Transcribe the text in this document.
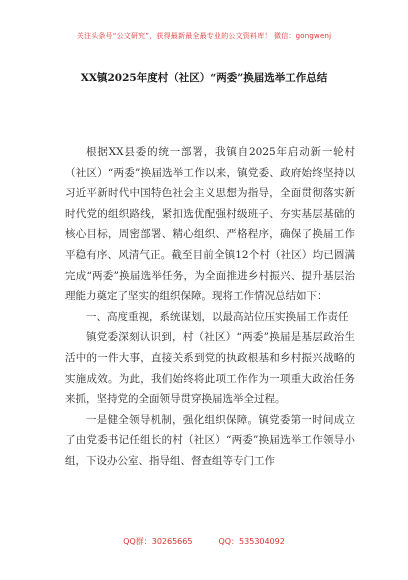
关注头条号“公文研究”，获得最新最全最专业的公文资料库！ 微信：gongwenj
XX镇2025年度村（社区）“两委”换届选举工作总结

根据XX县委的统一部署，我镇自2025年启动新一轮村（社区）“两委”换届选举工作以来，镇党委、政府始终坚持以习近平新时代中国特色社会主义思想为指导，全面贯彻落实新时代党的组织路线，紧扣选优配强村级班子、夯实基层基础的核心目标，周密部署、精心组织、严格程序，确保了换届工作平稳有序、风清气正。截至目前全镇12个村（社区）均已圆满完成“两委”换届选举任务，为全面推进乡村振兴、提升基层治理能力奠定了坚实的组织保障。现将工作情况总结如下：

一、高度重视，系统谋划，以最高站位压实换届工作责任

镇党委深刻认识到，村（社区）“两委”换届是基层政治生活中的一件大事，直接关系到党的执政根基和乡村振兴战略的实施成效。为此，我们始终将此项工作作为一项重大政治任务来抓，坚持党的全面领导贯穿换届选举全过程。

一是健全领导机制，强化组织保障。镇党委第一时间成立了由党委书记任组长的村（社区）“两委”换届选举工作领导小组，下设办公室、指导组、督查组等专门工作

QQ群：30265665	QQ：535304092
